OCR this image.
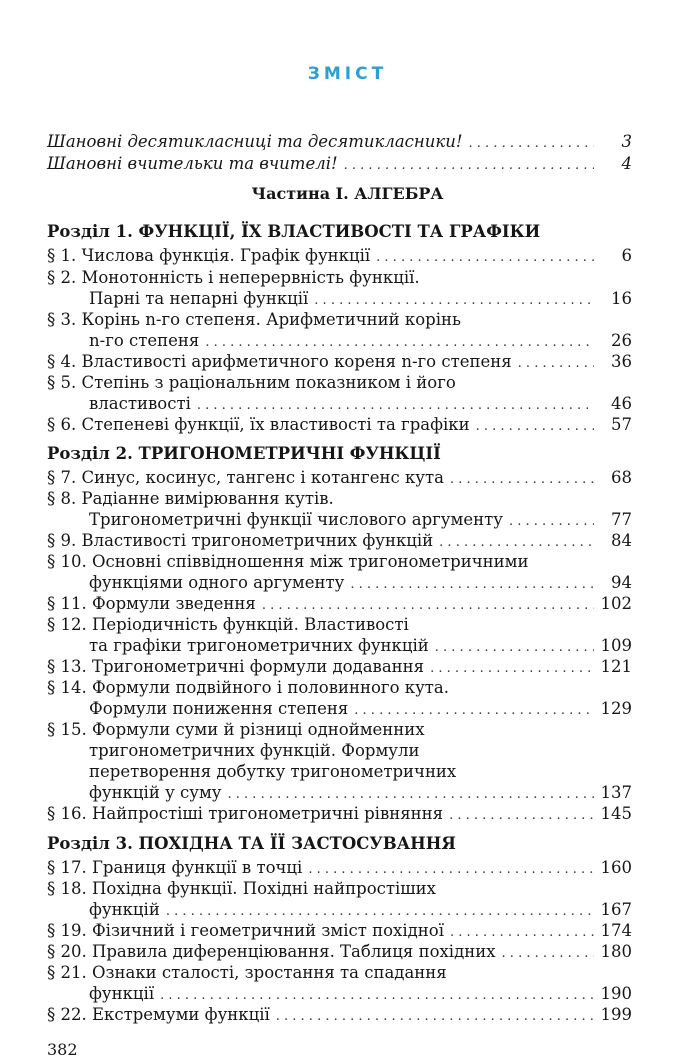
ЗМІСТ
Шановні десятикласниці та десятикласники! . . .	3
Шановні вчительки та вчителі! . . .	4
Частина І. АЛГЕБРА
Розділ 1. ФУНКЦІЇ, ЇХ ВЛАСТИВОСТІ ТА ГРАФІКИ
§ 1. Числова функція. Графік функції . . .	6
§ 2. Монотонність і неперервність функції.
Парні та непарні функції . . .	16
§ 3. Корінь n-го степеня. Арифметичний корінь
n-го степеня . . .	26
§ 4. Властивості арифметичного кореня n-го степеня . . .	36
§ 5. Степінь з раціональним показником і його
властивості . . .	46
§ 6. Степеневі функції, їх властивості та графіки . . .	57
Розділ 2. ТРИГОНОМЕТРИЧНІ ФУНКЦІЇ
§ 7. Синус, косинус, тангенс і котангенс кута . . .	68
§ 8. Радіанне вимірювання кутів.
Тригонометричні функції числового аргументу . . .	77
§ 9. Властивості тригонометричних функцій . . .	84
§ 10. Основні співвідношення між тригонометричними
функціями одного аргументу . . .	94
§ 11. Формули зведення . . .	102
§ 12. Періодичність функцій. Властивості
та графіки тригонометричних функцій . . .	109
§ 13. Тригонометричні формули додавання . . .	121
§ 14. Формули подвійного і половинного кута.
Формули пониження степеня . . .	129
§ 15. Формули суми й різниці однойменних
тригонометричних функцій. Формули
перетворення добутку тригонометричних
функцій у суму . . .	137
§ 16. Найпростіші тригонометричні рівняння . . .	145
Розділ 3. ПОХІДНА ТА ЇЇ ЗАСТОСУВАННЯ
§ 17. Границя функції в точці . . .	160
§ 18. Похідна функції. Похідні найпростіших
функцій . . .	167
§ 19. Фізичний і геометричний зміст похідної . . .	174
§ 20. Правила диференціювання. Таблиця похідних . . .	180
§ 21. Ознаки сталості, зростання та спадання
функції . . .	190
§ 22. Екстремуми функції . . .	199
382
